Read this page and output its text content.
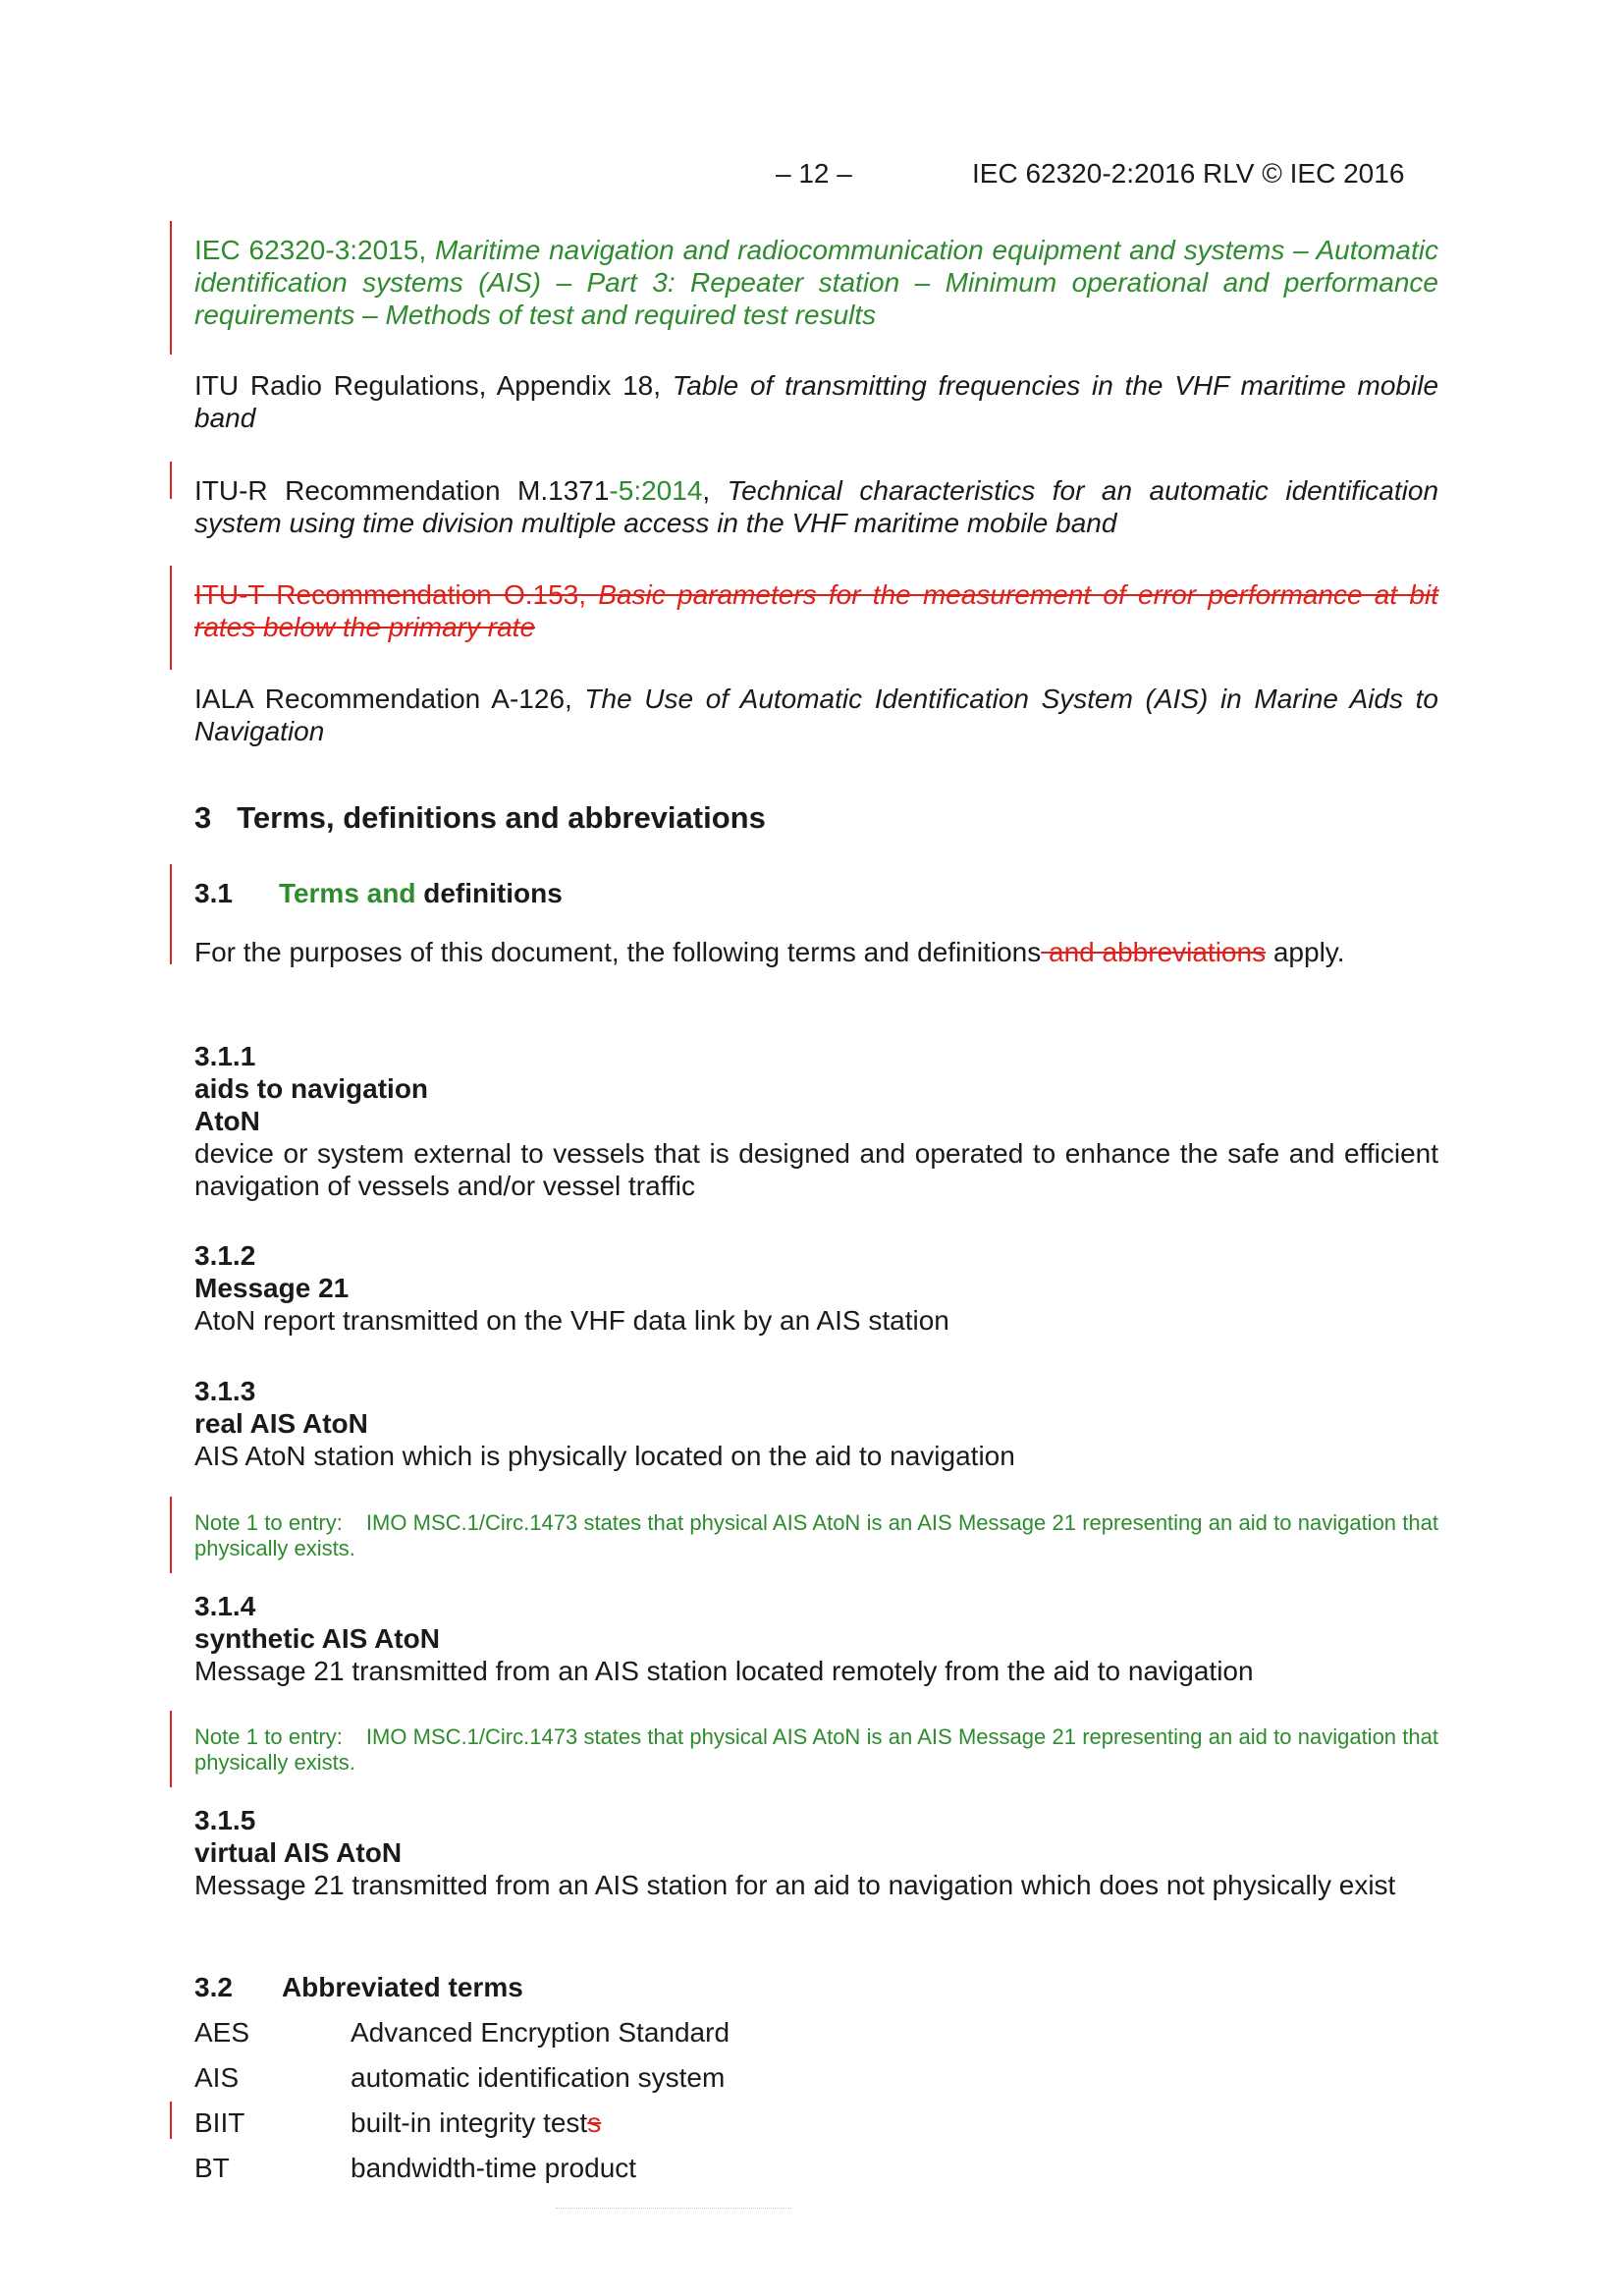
– 12 –	IEC 62320-2:2016 RLV © IEC 2016
IEC 62320-3:2015, Maritime navigation and radiocommunication equipment and systems – Automatic identification systems (AIS) – Part 3: Repeater station – Minimum operational and performance requirements – Methods of test and required test results
ITU Radio Regulations, Appendix 18, Table of transmitting frequencies in the VHF maritime mobile band
ITU-R Recommendation M.1371-5:2014, Technical characteristics for an automatic identification system using time division multiple access in the VHF maritime mobile band
ITU-T Recommendation O.153, Basic parameters for the measurement of error performance at bit rates below the primary rate
IALA Recommendation A-126, The Use of Automatic Identification System (AIS) in Marine Aids to Navigation
3 Terms, definitions and abbreviations
3.1 Terms and definitions
For the purposes of this document, the following terms and definitions and abbreviations apply.
3.1.1
aids to navigation
AtoN
device or system external to vessels that is designed and operated to enhance the safe and efficient navigation of vessels and/or vessel traffic
3.1.2
Message 21
AtoN report transmitted on the VHF data link by an AIS station
3.1.3
real AIS AtoN
AIS AtoN station which is physically located on the aid to navigation
Note 1 to entry: IMO MSC.1/Circ.1473 states that physical AIS AtoN is an AIS Message 21 representing an aid to navigation that physically exists.
3.1.4
synthetic AIS AtoN
Message 21 transmitted from an AIS station located remotely from the aid to navigation
Note 1 to entry: IMO MSC.1/Circ.1473 states that physical AIS AtoN is an AIS Message 21 representing an aid to navigation that physically exists.
3.1.5
virtual AIS AtoN
Message 21 transmitted from an AIS station for an aid to navigation which does not physically exist
3.2 Abbreviated terms
AES	Advanced Encryption Standard
AIS	automatic identification system
BIIT	built-in integrity tests
BT	bandwidth-time product
